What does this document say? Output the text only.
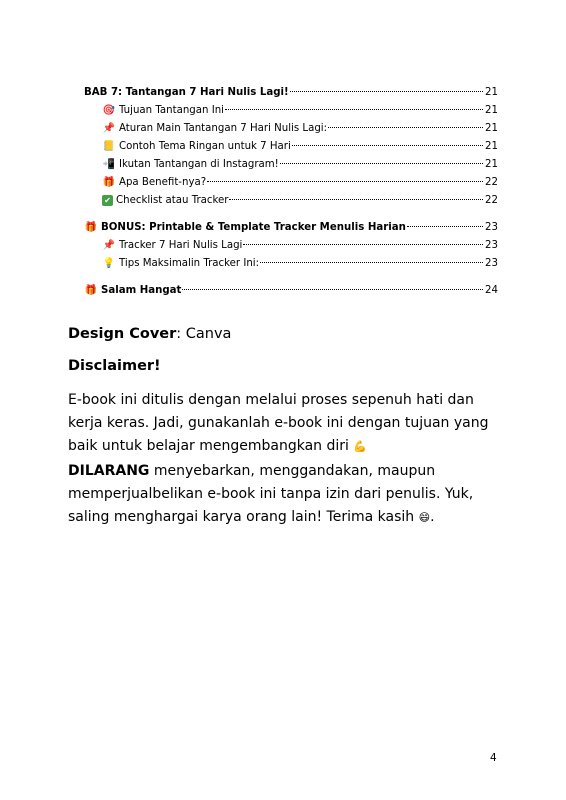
BAB 7: Tantangan 7 Hari Nulis Lagi!	21
🎯 Tujuan Tantangan Ini	21
📌 Aturan Main Tantangan 7 Hari Nulis Lagi:	21
📒 Contoh Tema Ringan untuk 7 Hari	21
📲 Ikutan Tantangan di Instagram!	21
🎁 Apa Benefit-nya?	22
✔ Checklist atau Tracker	22
🎁 BONUS: Printable & Template Tracker Menulis Harian	23
📌 Tracker 7 Hari Nulis Lagi	23
💡 Tips Maksimalin Tracker Ini:	23
🎁 Salam Hangat	24
Design Cover: Canva
Disclaimer!
E-book ini ditulis dengan melalui proses sepenuh hati dan kerja keras. Jadi, gunakanlah e-book ini dengan tujuan yang baik untuk belajar mengembangkan diri 💪
DILARANG menyebarkan, menggandakan, maupun memperjualbelikan e-book ini tanpa izin dari penulis. Yuk, saling menghargai karya orang lain! Terima kasih 😄.
4
